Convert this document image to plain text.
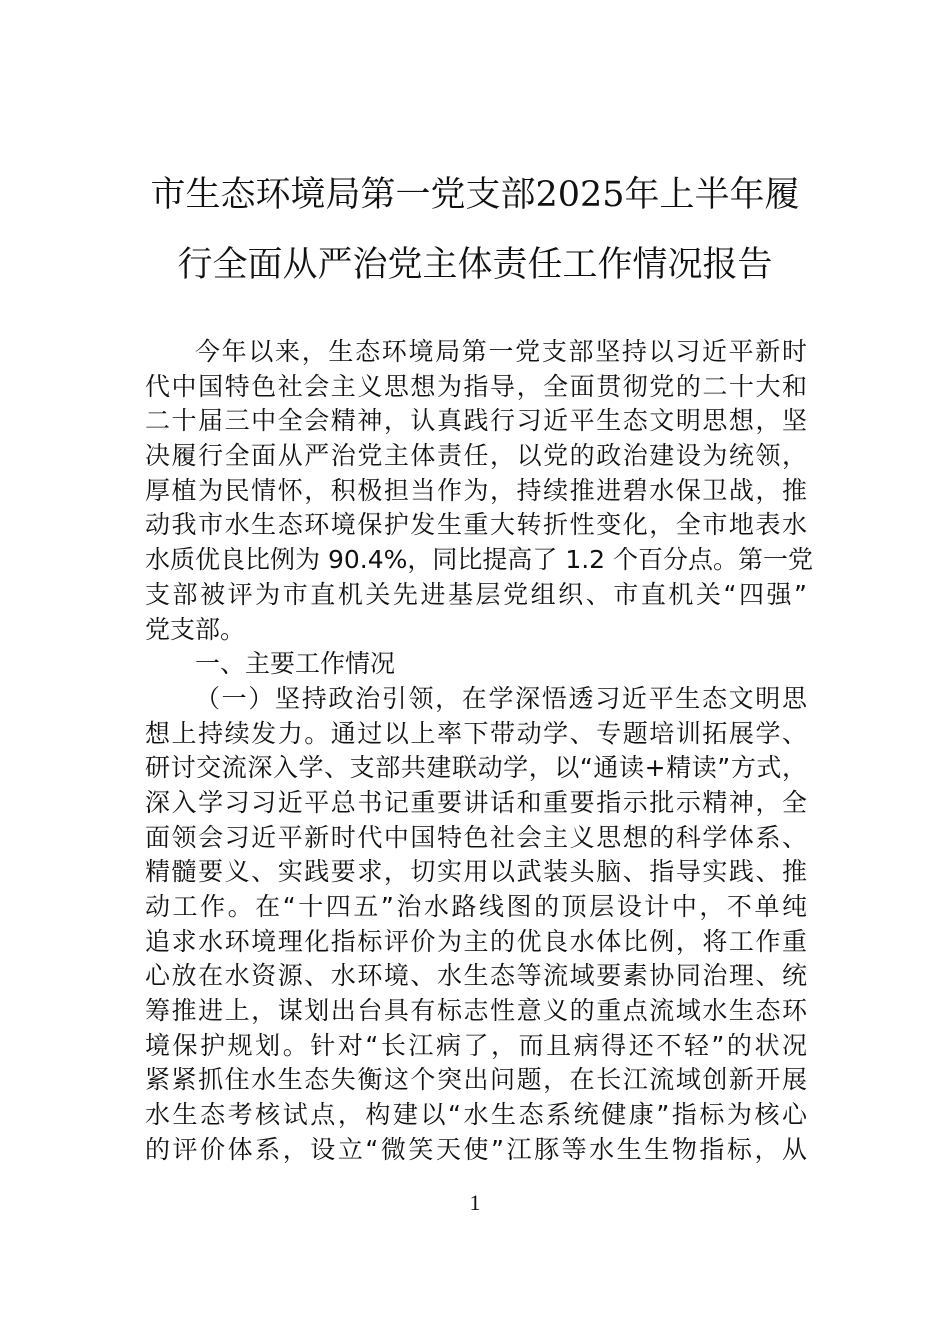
市生态环境局第一党支部2025年上半年履
行全面从严治党主体责任工作情况报告
今年以来，生态环境局第一党支部坚持以习近平新时
代中国特色社会主义思想为指导，全面贯彻党的二十大和
二十届三中全会精神，认真践行习近平生态文明思想，坚
决履行全面从严治党主体责任，以党的政治建设为统领，
厚植为民情怀，积极担当作为，持续推进碧水保卫战，推
动我市水生态环境保护发生重大转折性变化，全市地表水
水质优良比例为 90.4%，同比提高了 1.2 个百分点。第一党
支部被评为市直机关先进基层党组织、市直机关“四强”
党支部。
一、主要工作情况
（一）坚持政治引领，在学深悟透习近平生态文明思
想上持续发力。通过以上率下带动学、专题培训拓展学、
研讨交流深入学、支部共建联动学，以“通读+精读”方式，
深入学习习近平总书记重要讲话和重要指示批示精神，全
面领会习近平新时代中国特色社会主义思想的科学体系、
精髓要义、实践要求，切实用以武装头脑、指导实践、推
动工作。在“十四五”治水路线图的顶层设计中，不单纯
追求水环境理化指标评价为主的优良水体比例，将工作重
心放在水资源、水环境、水生态等流域要素协同治理、统
筹推进上，谋划出台具有标志性意义的重点流域水生态环
境保护规划。针对“长江病了，而且病得还不轻”的状况
紧紧抓住水生态失衡这个突出问题，在长江流域创新开展
水生态考核试点，构建以“水生态系统健康”指标为核心
的评价体系，设立“微笑天使”江豚等水生生物指标，从
1
